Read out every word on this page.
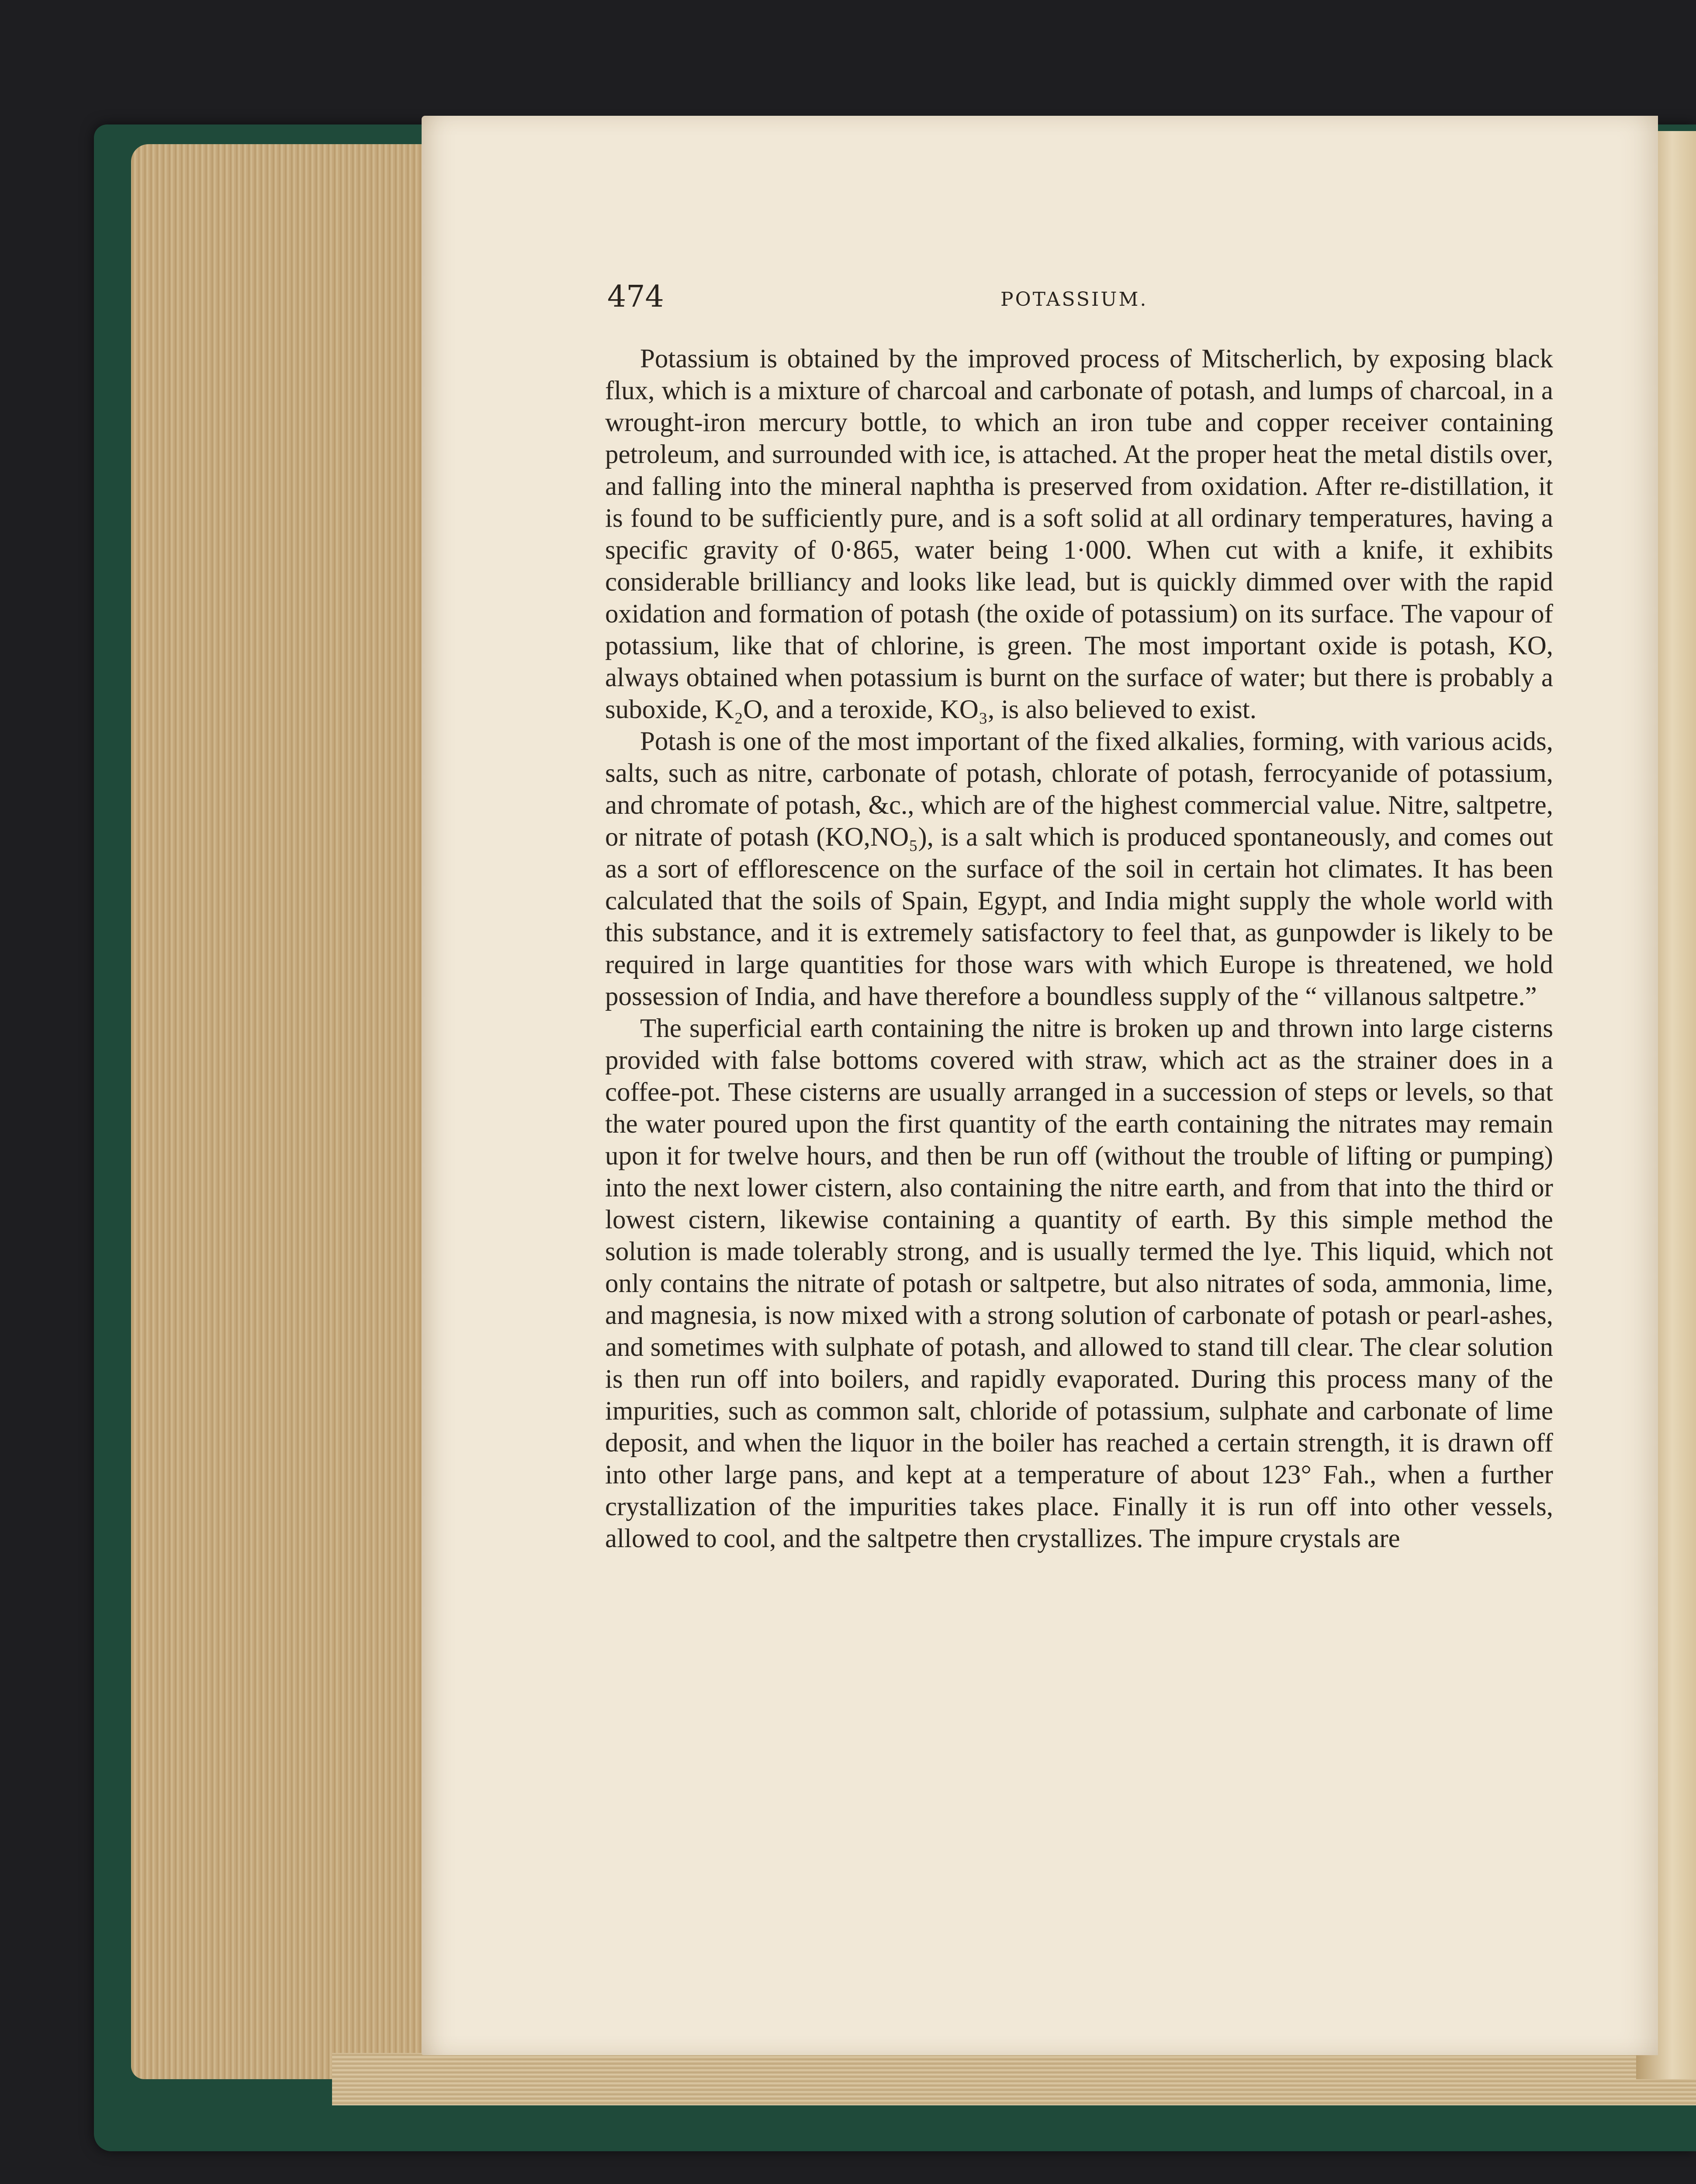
474	POTASSIUM.

Potassium is obtained by the improved process of Mitscherlich, by exposing black flux, which is a mixture of charcoal and carbonate of potash, and lumps of charcoal, in a wrought-iron mercury bottle, to which an iron tube and copper receiver containing petroleum, and surrounded with ice, is attached. At the proper heat the metal distils over, and falling into the mineral naphtha is preserved from oxidation. After re-distillation, it is found to be sufficiently pure, and is a soft solid at all ordinary temperatures, having a specific gravity of 0·865, water being 1·000. When cut with a knife, it exhibits considerable brilliancy and looks like lead, but is quickly dimmed over with the rapid oxidation and formation of potash (the oxide of potassium) on its surface. The vapour of potassium, like that of chlorine, is green. The most important oxide is potash, KO, always obtained when potassium is burnt on the surface of water; but there is probably a suboxide, K₂O, and a teroxide, KO₃, is also believed to exist.

Potash is one of the most important of the fixed alkalies, forming, with various acids, salts, such as nitre, carbonate of potash, chlorate of potash, ferrocyanide of potassium, and chromate of potash, &c., which are of the highest commercial value. Nitre, saltpetre, or nitrate of potash (KO,NO₅), is a salt which is produced spontaneously, and comes out as a sort of efflorescence on the surface of the soil in certain hot climates. It has been calculated that the soils of Spain, Egypt, and India might supply the whole world with this substance, and it is extremely satisfactory to feel that, as gunpowder is likely to be required in large quantities for those wars with which Europe is threatened, we hold possession of India, and have therefore a boundless supply of the “ villanous saltpetre.”

The superficial earth containing the nitre is broken up and thrown into large cisterns provided with false bottoms covered with straw, which act as the strainer does in a coffee-pot. These cisterns are usually arranged in a succession of steps or levels, so that the water poured upon the first quantity of the earth containing the nitrates may remain upon it for twelve hours, and then be run off (without the trouble of lifting or pumping) into the next lower cistern, also containing the nitre earth, and from that into the third or lowest cistern, likewise containing a quantity of earth. By this simple method the solution is made tolerably strong, and is usually termed the lye. This liquid, which not only contains the nitrate of potash or saltpetre, but also nitrates of soda, ammonia, lime, and magnesia, is now mixed with a strong solution of carbonate of potash or pearl-ashes, and sometimes with sulphate of potash, and allowed to stand till clear. The clear solution is then run off into boilers, and rapidly evaporated. During this process many of the impurities, such as common salt, chloride of potassium, sulphate and carbonate of lime deposit, and when the liquor in the boiler has reached a certain strength, it is drawn off into other large pans, and kept at a temperature of about 123° Fah., when a further crystallization of the impurities takes place. Finally it is run off into other vessels, allowed to cool, and the saltpetre then crystallizes. The impure crystals are
